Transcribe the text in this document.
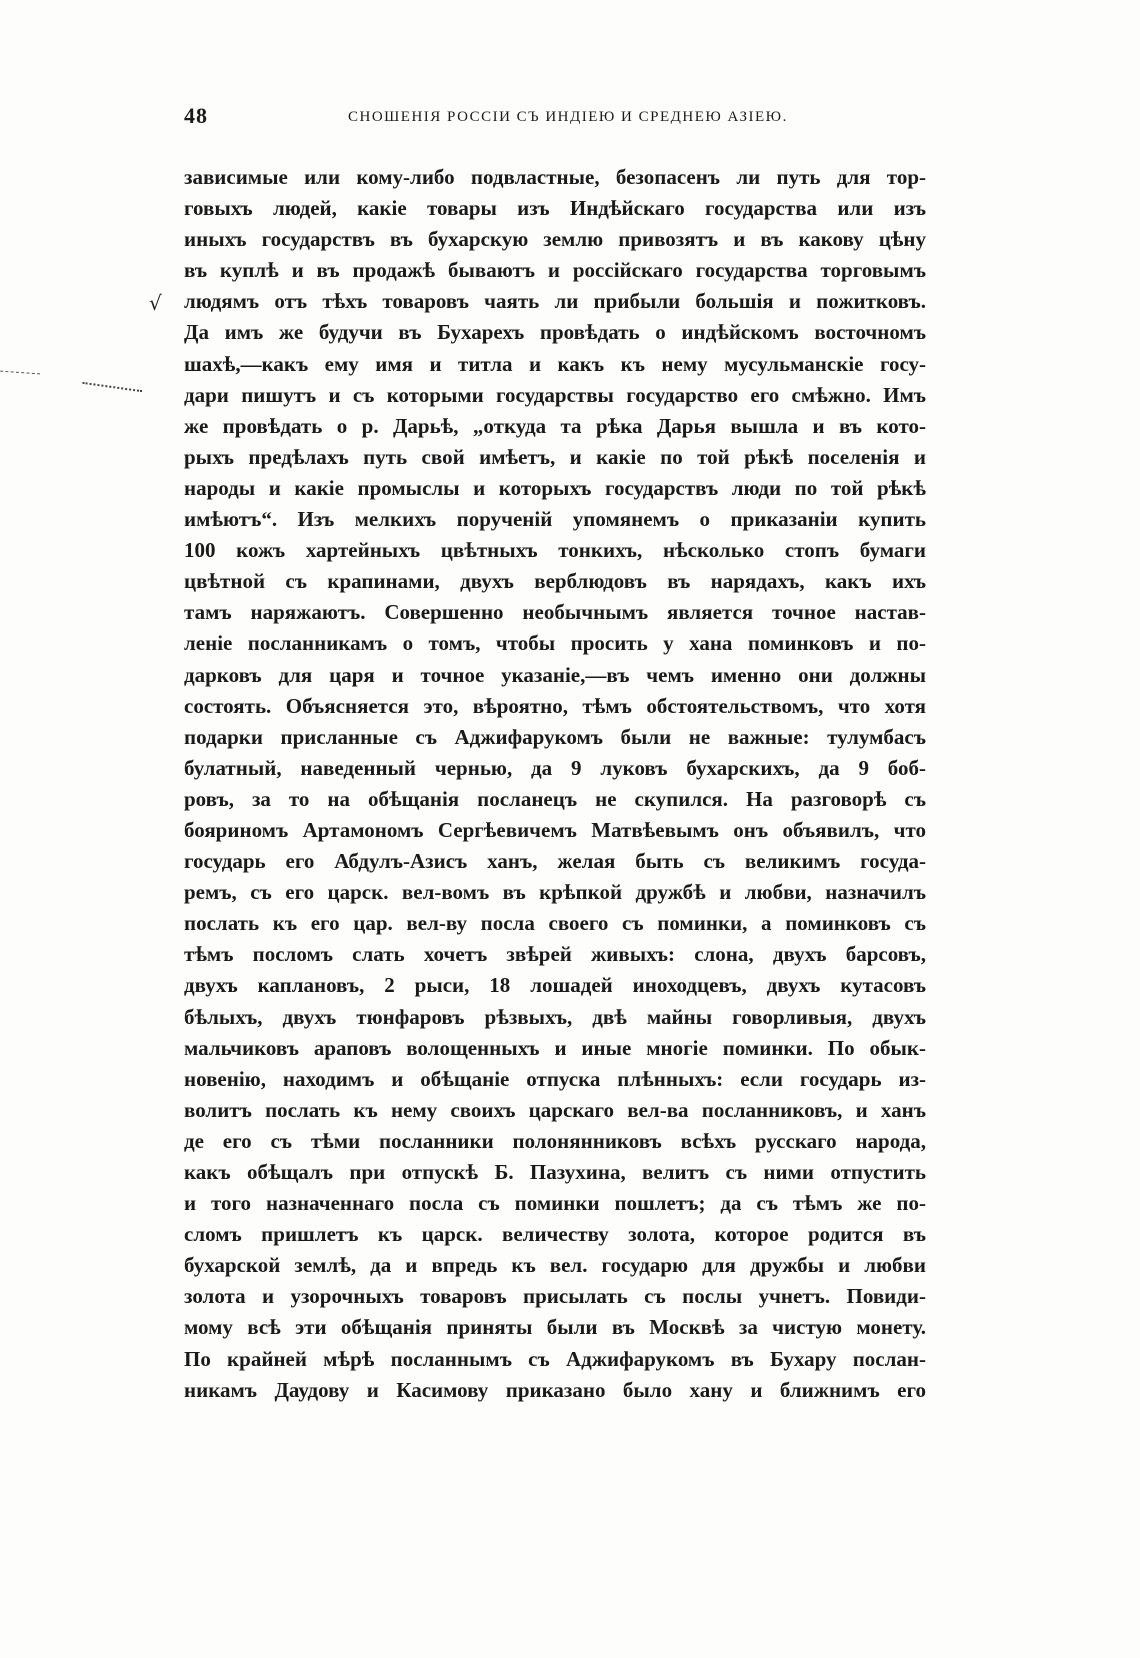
48	СНОШЕНІЯ РОССІИ СЪ ИНДІЕЮ И СРЕДНЕЮ АЗІЕЮ.
√
зависимые или кому-либо подвластные, безопасенъ ли путь для тор-
говыхъ людей, какіе товары изъ Индѣйскаго государства или изъ
иныхъ государствъ въ бухарскую землю привозятъ и въ какову цѣну
въ куплѣ и въ продажѣ бываютъ и россійскаго государства торговымъ
людямъ отъ тѣхъ товаровъ чаять ли прибыли большія и пожитковъ.
Да имъ же будучи въ Бухарехъ провѣдать о индѣйскомъ восточномъ
шахѣ,—какъ ему имя и титла и какъ къ нему мусульманскіе госу-
дари пишутъ и съ которыми государствы государство его смѣжно. Имъ
же провѣдать о р. Дарьѣ, „откуда та рѣка Дарья вышла и въ кото-
рыхъ предѣлахъ путь свой имѣетъ, и какіе по той рѣкѣ поселенія и
народы и какіе промыслы и которыхъ государствъ люди по той рѣкѣ
имѣютъ“. Изъ мелкихъ порученій упомянемъ о приказаніи купить
100 кожъ хартейныхъ цвѣтныхъ тонкихъ, нѣсколько стопъ бумаги
цвѣтной съ крапинами, двухъ верблюдовъ въ нарядахъ, какъ ихъ
тамъ наряжаютъ. Совершенно необычнымъ является точное настав-
леніе посланникамъ о томъ, чтобы просить у хана поминковъ и по-
дарковъ для царя и точное указаніе,—въ чемъ именно они должны
состоять. Объясняется это, вѣроятно, тѣмъ обстоятельствомъ, что хотя
подарки присланные съ Аджифарукомъ были не важные: тулумбасъ
булатный, наведенный чернью, да 9 луковъ бухарскихъ, да 9 боб-
ровъ, за то на обѣщанія посланецъ не скупился. На разговорѣ съ
бояриномъ Артамономъ Сергѣевичемъ Матвѣевымъ онъ объявилъ, что
государь его Абдулъ-Азисъ ханъ, желая быть съ великимъ госуда-
ремъ, съ его царск. вел-вомъ въ крѣпкой дружбѣ и любви, назначилъ
послать къ его цар. вел-ву посла своего съ поминки, а поминковъ съ
тѣмъ посломъ слать хочетъ звѣрей живыхъ: слона, двухъ барсовъ,
двухъ каплановъ, 2 рыси, 18 лошадей иноходцевъ, двухъ кутасовъ
бѣлыхъ, двухъ тюнфаровъ рѣзвыхъ, двѣ майны говорливыя, двухъ
мальчиковъ араповъ волощенныхъ и иные многіе поминки. По обык-
новенію, находимъ и обѣщаніе отпуска плѣнныхъ: если государь из-
волитъ послать къ нему своихъ царскаго вел-ва посланниковъ, и ханъ
де его съ тѣми посланники полонянниковъ всѣхъ русскаго народа,
какъ обѣщалъ при отпускѣ Б. Пазухина, велитъ съ ними отпустить
и того назначеннаго посла съ поминки пошлетъ; да съ тѣмъ же по-
сломъ пришлетъ къ царск. величеству золота, которое родится въ
бухарской землѣ, да и впредь къ вел. государю для дружбы и любви
золота и узорочныхъ товаровъ присылать съ послы учнетъ. Повиди-
мому всѣ эти обѣщанія приняты были въ Москвѣ за чистую монету.
По крайней мѣрѣ посланнымъ съ Аджифарукомъ въ Бухару послан-
никамъ Даудову и Касимову приказано было хану и ближнимъ его
